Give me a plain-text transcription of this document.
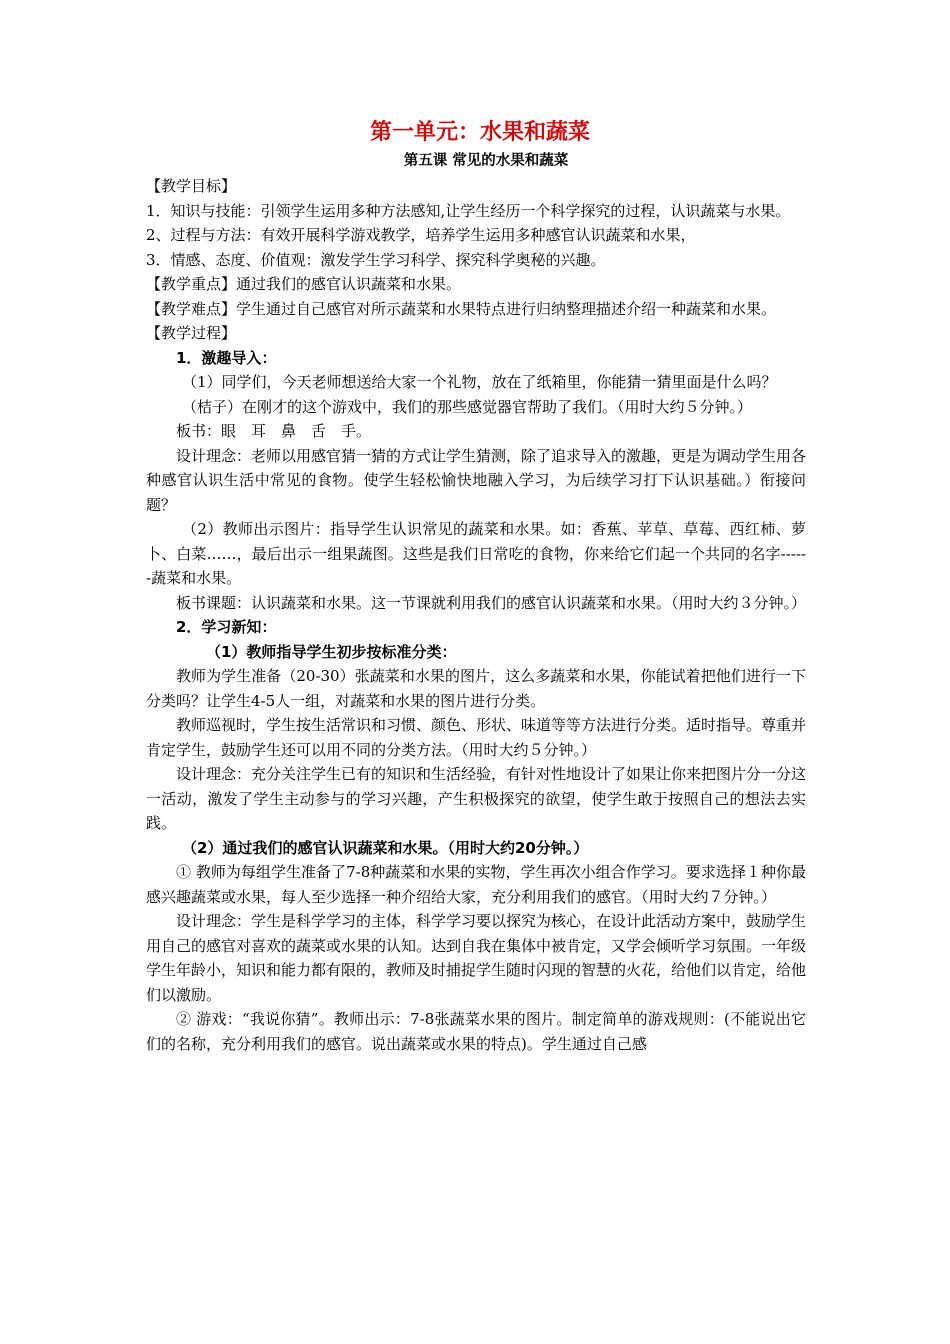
第一单元：水果和蔬菜
第五课 常见的水果和蔬菜

【教学目标】

1．知识与技能：引领学生运用多种方法感知,让学生经历一个科学探究的过程，认识蔬菜与水果。

2、过程与方法：有效开展科学游戏教学，培养学生运用多种感官认识蔬菜和水果，

3．情感、态度、价值观：激发学生学习科学、探究科学奥秘的兴趣。

【教学重点】通过我们的感官认识蔬菜和水果。

【教学难点】学生通过自己感官对所示蔬菜和水果特点进行归纳整理描述介绍一种蔬菜和水果。

【教学过程】

1．激趣导入：

（1）同学们，今天老师想送给大家一个礼物，放在了纸箱里，你能猜一猜里面是什么吗？

（桔子）在刚才的这个游戏中，我们的那些感觉器官帮助了我们。（用时大约５分钟。）

板书：眼　耳　鼻　舌　手。

设计理念：老师以用感官猜一猜的方式让学生猜测，除了追求导入的激趣，更是为调动学生用各种感官认识生活中常见的食物。使学生轻松愉快地融入学习，为后续学习打下认识基础。）衔接问题？

（2）教师出示图片：指导学生认识常见的蔬菜和水果。如：香蕉、苹草、草莓、西红柿、萝卜、白菜……，最后出示一组果蔬图。这些是我们日常吃的食物，你来给它们起一个共同的名字------蔬菜和水果。

板书课题：认识蔬菜和水果。这一节课就利用我们的感官认识蔬菜和水果。（用时大约３分钟。）

2．学习新知：

（1）教师指导学生初步按标准分类：

教师为学生准备（20-30）张蔬菜和水果的图片，这么多蔬菜和水果，你能试着把他们进行一下分类吗？让学生4-5人一组，对蔬菜和水果的图片进行分类。

教师巡视时，学生按生活常识和习惯、颜色、形状、味道等等方法进行分类。适时指导。尊重并肯定学生，鼓励学生还可以用不同的分类方法。（用时大约５分钟。）

设计理念：充分关注学生已有的知识和生活经验，有针对性地设计了如果让你来把图片分一分这一活动，激发了学生主动参与的学习兴趣，产生积极探究的欲望，使学生敢于按照自己的想法去实践。

（2）通过我们的感官认识蔬菜和水果。（用时大约20分钟。）

① 教师为每组学生准备了7-8种蔬菜和水果的实物，学生再次小组合作学习。要求选择１种你最感兴趣蔬菜或水果，每人至少选择一种介绍给大家，充分利用我们的感官。（用时大约７分钟。）

设计理念：学生是科学学习的主体，科学学习要以探究为核心，在设计此活动方案中，鼓励学生用自己的感官对喜欢的蔬菜或水果的认知。达到自我在集体中被肯定，又学会倾听学习氛围。一年级学生年龄小，知识和能力都有限的，教师及时捕捉学生随时闪现的智慧的火花，给他们以肯定，给他们以激励。

② 游戏：“我说你猜”。教师出示：7-8张蔬菜水果的图片。制定简单的游戏规则：(不能说出它们的名称，充分利用我们的感官。说出蔬菜或水果的特点)。学生通过自己感
